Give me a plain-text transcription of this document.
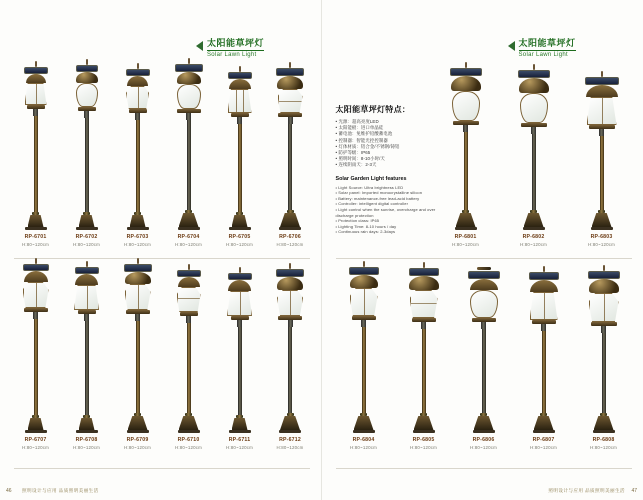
太阳能草坪灯
Solar Lawn Light
RP-6701
H:80~120cm
RP-6702
H:80~120cm
RP-6703
H:80~120cm
RP-6704
H:80~120cm
RP-6705
H:80~120cm
RP-6706
H:80~120cm
RP-6707
H:80~120cm
RP-6708
H:80~120cm
RP-6709
H:80~120cm
RP-6710
H:80~120cm
RP-6711
H:80~120cm
RP-6712
H:80~120cm
照明设计与应用 品质照明美丽生活
46
太阳能草坪灯
Solar Lawn Light
太阳能草坪灯特点：
• 光源：超高亮度LED
• 太阳能板：进口单晶硅
• 蓄电池：免维护铅酸蓄电池
• 控制器：智能光控控制器
• 灯体材质：铝合金/不锈钢/铸铝
• 防护等级：IP65
• 照明时间：8-10小时/天
• 连续阴雨天：2-3天
Solar Garden Light features
• Light Source: Ultra brightness LED
• Solar panel: Imported monocrystalline silicon
• Battery: maintenance-free lead-acid battery
• Controller: intelligent digital controller
• Light control when the sunrise, overcharge and over
discharge protection
• Protection class: IP65
• Lighting Time: 8-10 hours / day
• Continuous rain days: 2-3days
RP-6801
H:80~120cm
RP-6802
H:80~120cm
RP-6803
H:80~120cm
RP-6804
H:80~120cm
RP-6805
H:80~120cm
RP-6806
H:80~120cm
RP-6807
H:80~120cm
RP-6808
H:80~120cm
照明设计与应用 品质照明美丽生活 47
